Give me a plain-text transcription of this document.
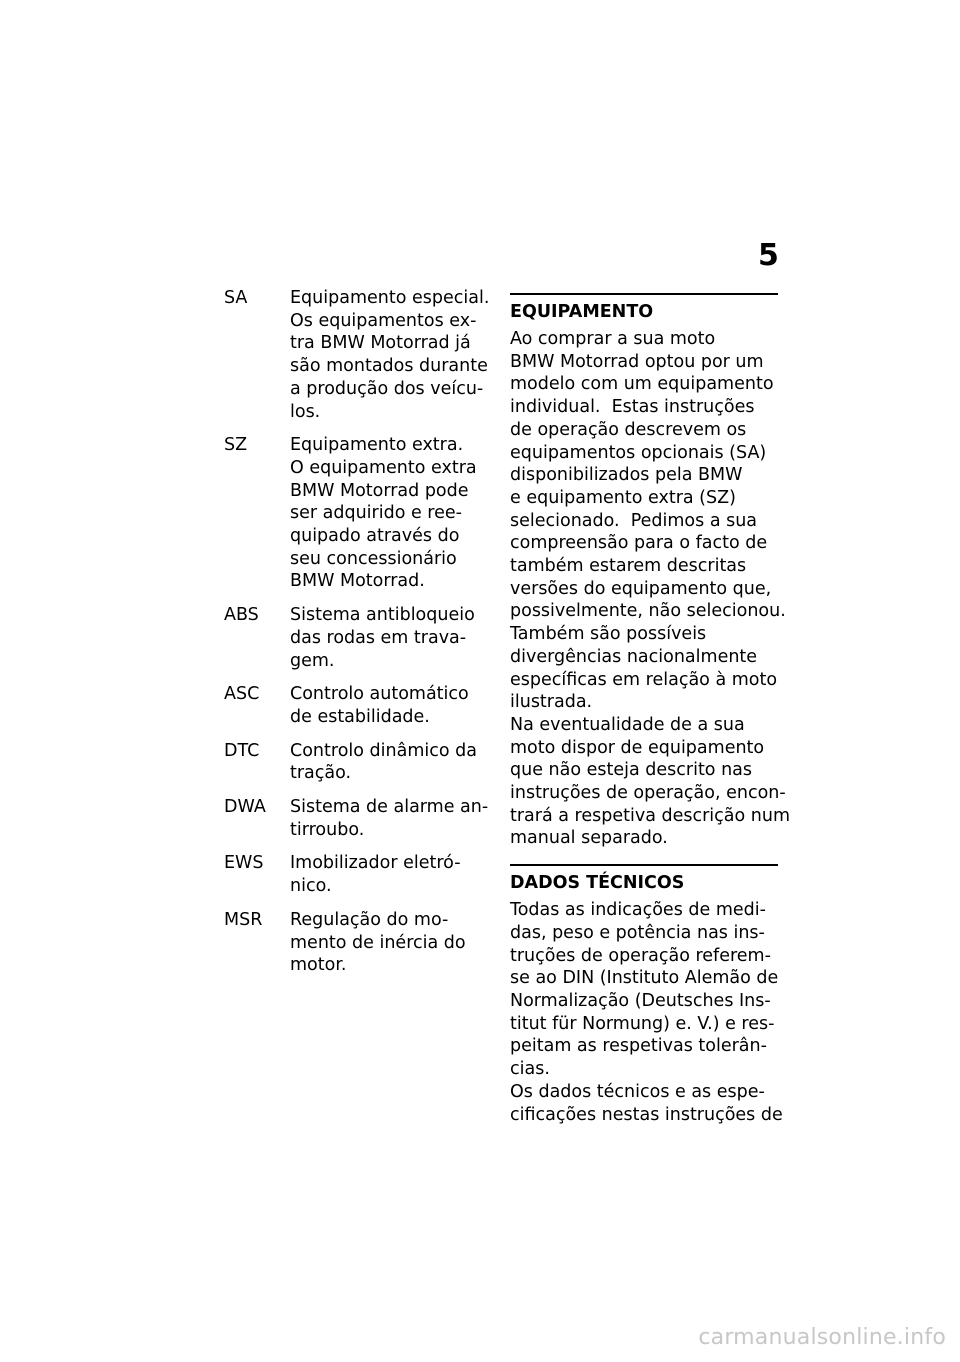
5
SA	Equipamento especial.
Os equipamentos ex-
tra BMW Motorrad já
são montados durante
a produção dos veícu-
los.
SZ	Equipamento extra.
O equipamento extra
BMW Motorrad pode
ser adquirido e ree-
quipado através do
seu concessionário
BMW Motorrad.
ABS	Sistema antibloqueio
das rodas em trava-
gem.
ASC	Controlo automático
de estabilidade.
DTC	Controlo dinâmico da
tração.
DWA	Sistema de alarme an-
tirroubo.
EWS	Imobilizador eletró-
nico.
MSR	Regulação do mo-
mento de inércia do
motor.
EQUIPAMENTO
Ao comprar a sua moto
BMW Motorrad optou por um
modelo com um equipamento
individual.  Estas instruções
de operação descrevem os
equipamentos opcionais (SA)
disponibilizados pela BMW
e equipamento extra (SZ)
selecionado.  Pedimos a sua
compreensão para o facto de
também estarem descritas
versões do equipamento que,
possivelmente, não selecionou.
Também são possíveis
divergências nacionalmente
específicas em relação à moto
ilustrada.
Na eventualidade de a sua
moto dispor de equipamento
que não esteja descrito nas
instruções de operação, encon-
trará a respetiva descrição num
manual separado.
DADOS TÉCNICOS
Todas as indicações de medi-
das, peso e potência nas ins-
truções de operação referem-
se ao DIN (Instituto Alemão de
Normalização (Deutsches Ins-
titut für Normung) e. V.) e res-
peitam as respetivas tolerân-
cias.
Os dados técnicos e as espe-
cificações nestas instruções de
carmanualsonline.info
